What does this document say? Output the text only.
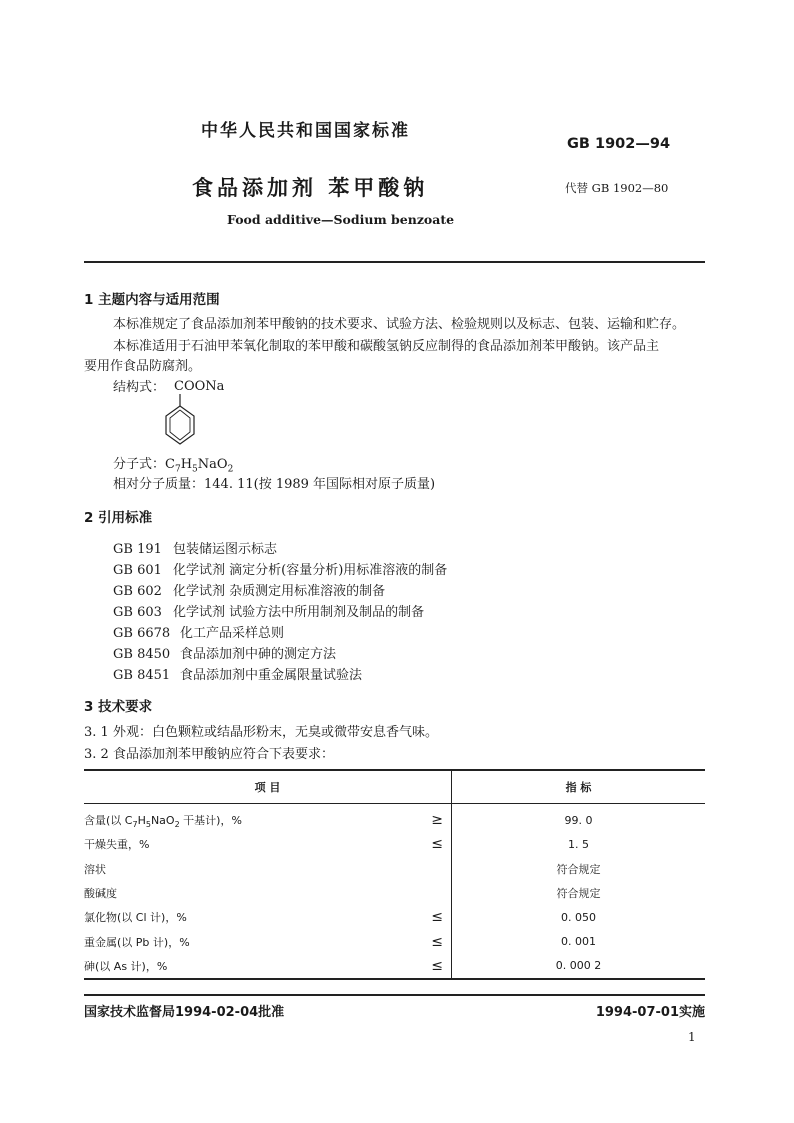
中华人民共和国国家标准
GB 1902—94
食品添加剂 苯甲酸钠	代替 GB 1902—80
Food additive—Sodium benzoate
1 主题内容与适用范围
本标准规定了食品添加剂苯甲酸钠的技术要求、试验方法、检验规则以及标志、包装、运输和贮存。
本标准适用于石油甲苯氧化制取的苯甲酸和碳酸氢钠反应制得的食品添加剂苯甲酸钠。该产品主
要用作食品防腐剂。
结构式： COONa
分子式：$C_7H_5NaO_2$
相对分子质量：144. 11(按 1989 年国际相对原子质量)
2 引用标准
GB 191 包装储运图示标志
GB 601 化学试剂 滴定分析(容量分析)用标准溶液的制备
GB 602 化学试剂 杂质测定用标准溶液的制备
GB 603 化学试剂 试验方法中所用制剂及制品的制备
GB 6678 化工产品采样总则
GB 8450 食品添加剂中砷的测定方法
GB 8451 食品添加剂中重金属限量试验法
3 技术要求
3. 1 外观：白色颗粒或结晶形粉末，无臭或微带安息香气味。
3. 2 食品添加剂苯甲酸钠应符合下表要求：
项 目		指 标
含量(以 $C_7H_5NaO_2$ 干基计)，%	≥	99. 0
干燥失重，%	≤	1. 5
溶状		符合规定
酸碱度		符合规定
氯化物(以 Cl 计)，%	≤	0. 050
重金属(以 Pb 计)，%	≤	0. 001
砷(以 As 计)，%	≤	0. 000 2
国家技术监督局1994-02-04批准	1994-07-01实施
1
